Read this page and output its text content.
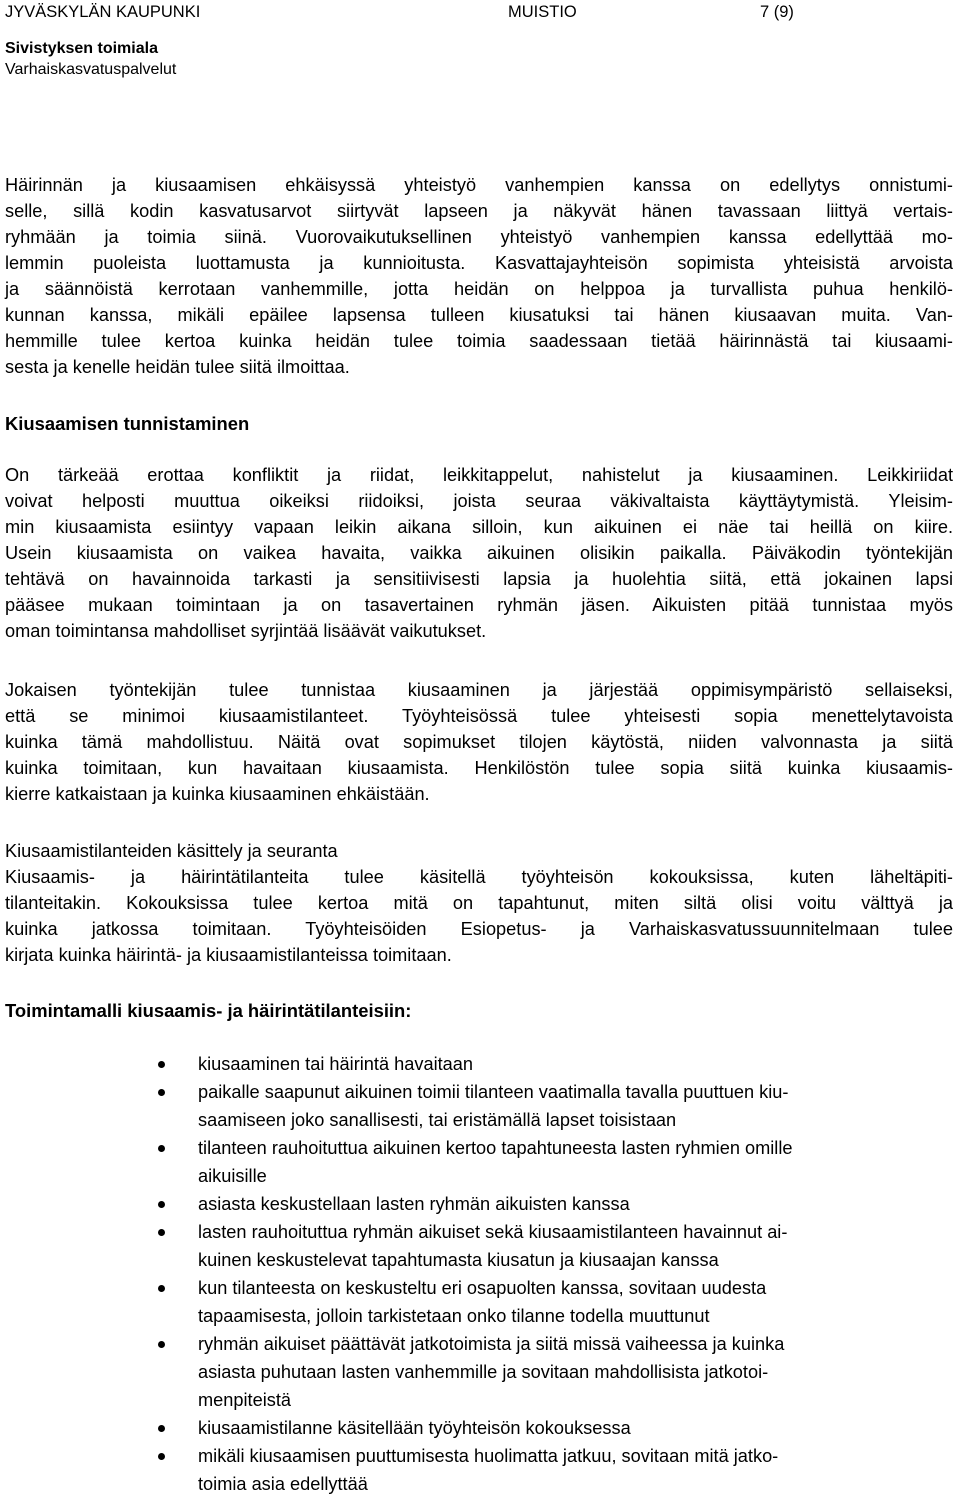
JYVÄSKYLÄN KAUPUNKI	MUISTIO	7 (9)
Sivistyksen toimiala
Varhaiskasvatuspalvelut

Häirinnän ja kiusaamisen ehkäisyssä yhteistyö vanhempien kanssa on edellytys onnistumi-
selle, sillä kodin kasvatusarvot siirtyvät lapseen ja näkyvät hänen tavassaan liittyä vertais-
ryhmään ja toimia siinä. Vuorovaikutuksellinen yhteistyö vanhempien kanssa edellyttää mo-
lemmin puoleista luottamusta ja kunnioitusta. Kasvattajayhteisön sopimista yhteisistä arvoista
ja säännöistä kerrotaan vanhemmille, jotta heidän on helppoa ja turvallista puhua henkilö-
kunnan kanssa, mikäli epäilee lapsensa tulleen kiusatuksi tai hänen kiusaavan muita. Van-
hemmille tulee kertoa kuinka heidän tulee toimia saadessaan tietää häirinnästä tai kiusaami-
sesta ja kenelle heidän tulee siitä ilmoittaa.

Kiusaamisen tunnistaminen

On tärkeää erottaa konfliktit ja riidat, leikkitappelut, nahistelut ja kiusaaminen. Leikkiriidat
voivat helposti muuttua oikeiksi riidoiksi, joista seuraa väkivaltaista käyttäytymistä. Yleisim-
min kiusaamista esiintyy vapaan leikin aikana silloin, kun aikuinen ei näe tai heillä on kiire.
Usein kiusaamista on vaikea havaita, vaikka aikuinen olisikin paikalla. Päiväkodin työntekijän
tehtävä on havainnoida tarkasti ja sensitiivisesti lapsia ja huolehtia siitä, että jokainen lapsi
pääsee mukaan toimintaan ja on tasavertainen ryhmän jäsen. Aikuisten pitää tunnistaa myös
oman toimintansa mahdolliset syrjintää lisäävät vaikutukset.

Jokaisen työntekijän tulee tunnistaa kiusaaminen ja järjestää oppimisympäristö sellaiseksi,
että se minimoi kiusaamistilanteet. Työyhteisössä tulee yhteisesti sopia menettelytavoista
kuinka tämä mahdollistuu. Näitä ovat sopimukset tilojen käytöstä, niiden valvonnasta ja siitä
kuinka toimitaan, kun havaitaan kiusaamista. Henkilöstön tulee sopia siitä kuinka kiusaamis-
kierre katkaistaan ja kuinka kiusaaminen ehkäistään.

Kiusaamistilanteiden käsittely ja seuranta
Kiusaamis- ja häirintätilanteita tulee käsitellä työyhteisön kokouksissa, kuten läheltäpiti-
tilanteitakin. Kokouksissa tulee kertoa mitä on tapahtunut, miten siltä olisi voitu välttyä ja
kuinka jatkossa toimitaan. Työyhteisöiden Esiopetus- ja Varhaiskasvatussuunnitelmaan tulee
kirjata kuinka häirintä- ja kiusaamistilanteissa toimitaan.

Toimintamalli kiusaamis- ja häirintätilanteisiin:
kiusaaminen tai häirintä havaitaan
paikalle saapunut aikuinen toimii tilanteen vaatimalla tavalla puuttuen kiu-
saamiseen joko sanallisesti, tai eristämällä lapset toisistaan
tilanteen rauhoituttua aikuinen kertoo tapahtuneesta lasten ryhmien omille
aikuisille
asiasta keskustellaan lasten ryhmän aikuisten kanssa
lasten rauhoituttua ryhmän aikuiset sekä kiusaamistilanteen havainnut ai-
kuinen keskustelevat tapahtumasta kiusatun ja kiusaajan kanssa
kun tilanteesta on keskusteltu eri osapuolten kanssa, sovitaan uudesta
tapaamisesta, jolloin tarkistetaan onko tilanne todella muuttunut
ryhmän aikuiset päättävät jatkotoimista ja siitä missä vaiheessa ja kuinka
asiasta puhutaan lasten vanhemmille ja sovitaan mahdollisista jatkotoi-
menpiteistä
kiusaamistilanne käsitellään työyhteisön kokouksessa
mikäli kiusaamisen puuttumisesta huolimatta jatkuu, sovitaan mitä jatko-
toimia asia edellyttää
